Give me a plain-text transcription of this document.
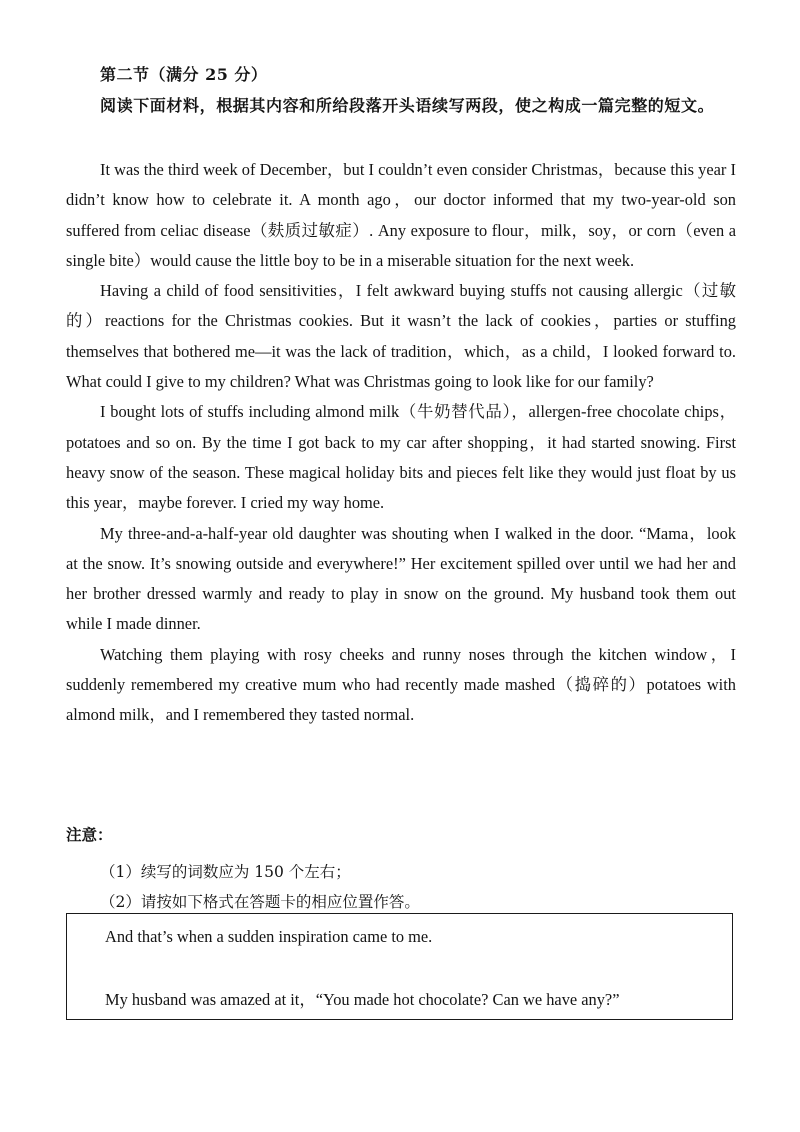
第二节（满分 25 分）
阅读下面材料，根据其内容和所给段落开头语续写两段，使之构成一篇完整的短文。

It was the third week of December，but I couldn’t even consider Christmas，because this year I didn’t know how to celebrate it. A month ago，our doctor informed that my two-year-old son suffered from celiac disease（麸质过敏症）. Any exposure to flour，milk，soy，or corn（even a single bite）would cause the little boy to be in a miserable situation for the next week.

Having a child of food sensitivities，I felt awkward buying stuffs not causing allergic（过敏的）reactions for the Christmas cookies. But it wasn’t the lack of cookies，parties or stuffing themselves that bothered me—it was the lack of tradition，which，as a child，I looked forward to. What could I give to my children? What was Christmas going to look like for our family?

I bought lots of stuffs including almond milk（牛奶替代品），allergen-free chocolate chips，potatoes and so on. By the time I got back to my car after shopping，it had started snowing. First heavy snow of the season. These magical holiday bits and pieces felt like they would just float by us this year，maybe forever. I cried my way home.

My three-and-a-half-year old daughter was shouting when I walked in the door. “Mama，look at the snow. It’s snowing outside and everywhere!” Her excitement spilled over until we had her and her brother dressed warmly and ready to play in snow on the ground. My husband took them out while I made dinner.

Watching them playing with rosy cheeks and runny noses through the kitchen window，I suddenly remembered my creative mum who had recently made mashed（捣碎的）potatoes with almond milk，and I remembered they tasted normal.

注意：
（1）续写的词数应为 150 个左右；
（2）请按如下格式在答题卡的相应位置作答。
And that’s when a sudden inspiration came to me.
My husband was amazed at it，“You made hot chocolate? Can we have any?”
